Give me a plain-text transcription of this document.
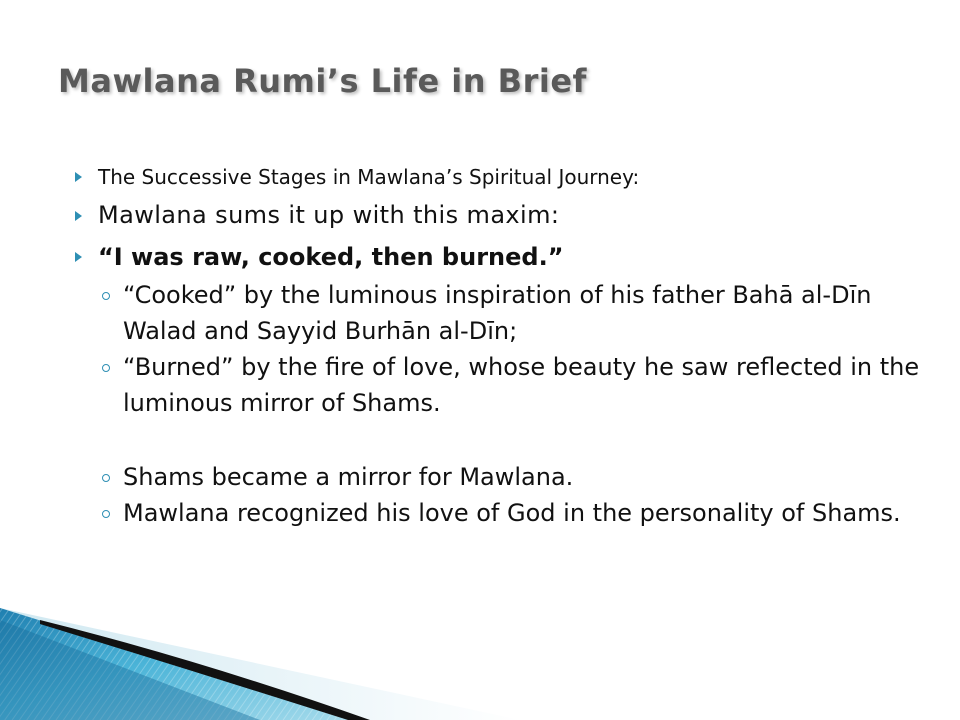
Mawlana Rumi’s Life in Brief
The Successive Stages in Mawlana’s Spiritual Journey:
Mawlana sums it up with this maxim:
“I was raw, cooked, then burned.”
“Cooked” by the luminous inspiration of his father Bahā al-Dīn Walad and Sayyid Burhān al-Dīn;
“Burned” by the fire of love, whose beauty he saw reflected in the luminous mirror of Shams.
Shams became a mirror for Mawlana.
Mawlana recognized his love of God in the personality of Shams.
